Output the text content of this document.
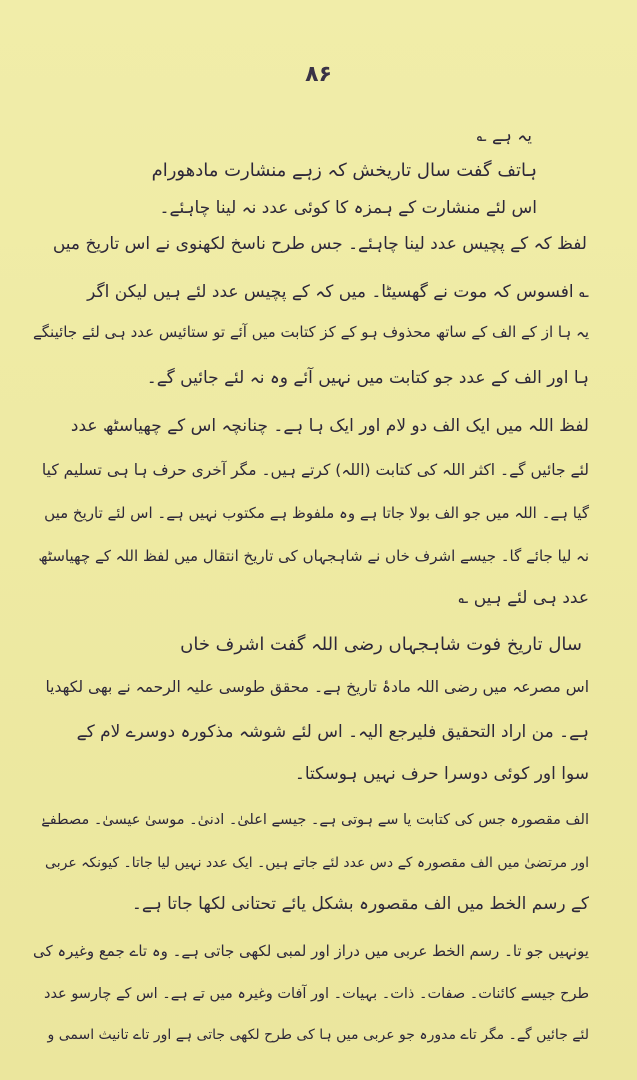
۸۶
یہ ہے ؎
ہاتف گفت سال تاریخش کہ زہے منشارت مادھورام
اس لئے منشارت کے ہمزہ کا کوئی عدد نہ لینا چاہئے۔
لفظ کہ کے پچیس عدد لینا چاہئے۔ جس طرح ناسخ لکھنوی نے اس تاریخ میں
؎ افسوس کہ موت نے گھسیٹا۔ میں کہ کے پچیس عدد لئے ہیں لیکن اگر
یہ ہا از کے الف کے ساتھ محذوف ہو کے کز کتابت میں آئے تو ستائیس عدد ہی لئے جائینگے
ہا اور الف کے عدد جو کتابت میں نہیں آئے وہ نہ لئے جائیں گے۔
لفظ اللہ میں ایک الف دو لام اور ایک ہا ہے۔ چنانچہ اس کے چھیاسٹھ عدد
لئے جائیں گے۔ اکثر اللہ کی کتابت (اللہ) کرتے ہیں۔ مگر آخری حرف ہا ہی تسلیم کیا
گیا ہے۔ اللہ میں جو الف بولا جاتا ہے وہ ملفوظ ہے مکتوب نہیں ہے۔ اس لئے تاریخ میں
نہ لیا جائے گا۔ جیسے اشرف خاں نے شاہجہاں کی تاریخ انتقال میں لفظ اللہ کے چھیاسٹھ
عدد ہی لئے ہیں ؎
سال تاریخ فوت شاہجہاں رضی اللہ گفت اشرف خاں
اس مصرعہ میں رضی اللہ مادۂ تاریخ ہے۔ محقق طوسی علیہ الرحمہ نے بھی لکھدیا
ہے۔ من اراد التحقیق فلیرجع الیہ۔ اس لئے شوشہ مذکورہ دوسرے لام کے
سوا اور کوئی دوسرا حرف نہیں ہوسکتا۔
الف مقصورہ جس کی کتابت یا سے ہوتی ہے۔ جیسے اعلیٰ۔ ادنیٰ۔ موسیٰ عیسیٰ۔ مصطفےٰ
اور مرتضیٰ میں الف مقصورہ کے دس عدد لئے جاتے ہیں۔ ایک عدد نہیں لیا جاتا۔ کیونکہ عربی
کے رسم الخط میں الف مقصورہ بشکل یائے تحتانی لکھا جاتا ہے۔
یونہیں جو تا۔ رسم الخط عربی میں دراز اور لمبی لکھی جاتی ہے۔ وہ تاے جمع وغیرہ کی
طرح جیسے کائنات۔ صفات۔ ذات۔ بہیات۔ اور آفات وغیرہ میں تے ہے۔ اس کے چارسو عدد
لئے جائیں گے۔ مگر تاے مدورہ جو عربی میں ہا کی طرح لکھی جاتی ہے اور تاے تانیث اسمی و
